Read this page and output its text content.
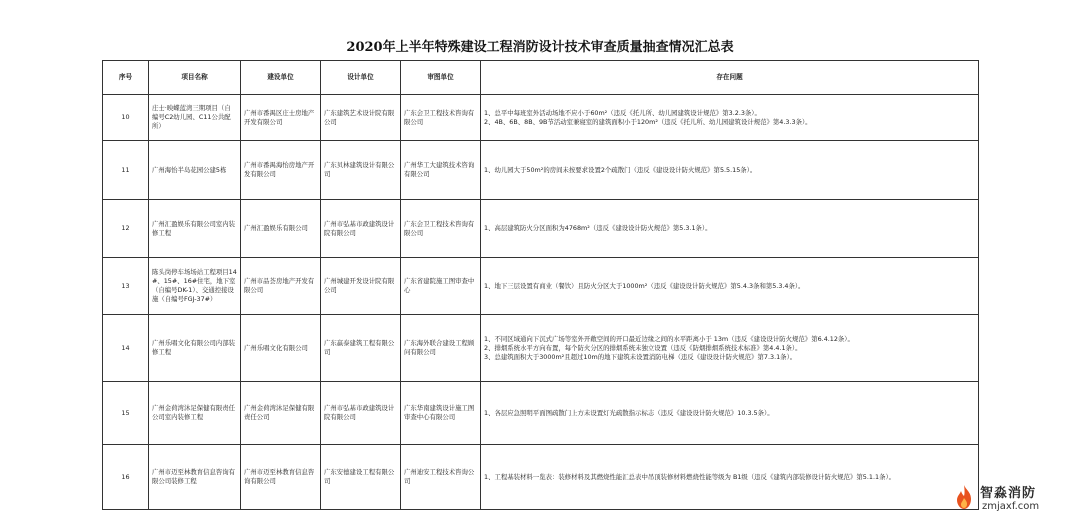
2020年上半年特殊建设工程消防设计技术审查质量抽查情况汇总表
序号	项目名称	建设单位	设计单位	审图单位	存在问题
10	庄士·映蝶蓝湾三期项目（自编号C2幼儿园、C11公共配所）	广州市番禺区庄士房地产开发有限公司	广东建筑艺术设计院有限公司	广东会卫工程技术咨询有限公司	1、总平中每班室外活动场地不应小于60m²（违反《托儿所、幼儿园建筑设计规范》第3.2.3条）。
2、4B、6B、8B、9B节活动室兼寝室的建筑面积小于120m²（违反《托儿所、幼儿园建筑设计规范》第4.3.3条）。

11	广州海怡半岛花园公建5栋	广州市番禺海怡房地产开发有限公司	广东贝林建筑设计有限公司	广州华工大建筑技术咨询有限公司	1、幼儿园大于50m²的房间未按要求设置2个疏散门（违反《建设设计防火规范》第5.5.15条）。

12	广州汇盈娱乐有限公司室内装修工程	广州汇盈娱乐有限公司	广州市弘基市政建筑设计院有限公司	广东会卫工程技术咨询有限公司	1、高层建筑防火分区面积为4768m²（违反《建设设计防火规范》第5.3.1条）。

13	陈头岗停车场场站工程项目14#、15#、16#住宅，地下室（自编号DK-1）、交通控接设施（自编号FGJ-37#）	广州市品荟房地产开发有限公司	广州城建开发设计院有限公司	广东省建院施工图审查中心	1、地下三层设置有商业（餐饮）且防火分区大于1000m²（违反《建设设计防火规范》第5.4.3条和第5.3.4条）。

14	广州乐唱文化有限公司内部装修工程	广州乐唱文化有限公司	广东羸泰建筑工程有限公司	广东海外联合建设工程顾问有限公司	1、不同区域通向下沉式广场等室外开敞空间的开口最近边缘之间的水平距离小于 13m（违反《建设设计防火规范》第6.4.12条）。
2、排烟系统水平方向布置，每个防火分区的排烟系统未独立设置（违反《防烟排烟系统技术标准》第4.4.1条）。
3、总建筑面积大于3000m²且超过10m的地下建筑未设置消防电梯（违反《建设设计防火规范》第7.3.1条）。

15	广州金荷湾沐足保健有限责任公司室内装修工程	广州金荷湾沐足保健有限责任公司	广州市弘基市政建筑设计院有限公司	广东华南建筑设计施工图审查中心有限公司	1、各层应急照明平面图疏散门上方未设置灯光疏散指示标志（违反《建设设计防火规范》10.3.5条）。

16	广州市迈至林教育信息咨询有限公司装修工程	广州市迈至林教育信息咨询有限公司	广东安德建设工程有限公司	广州迪安工程技术咨询公司	1、工程基装材料一览表：装修材料及其燃烧性能汇总表中吊顶装修材料燃烧性能等级为 B1级（违反《建筑内部装修设计防火规范》第5.1.1条）。
智淼消防
zmjaxf.com
